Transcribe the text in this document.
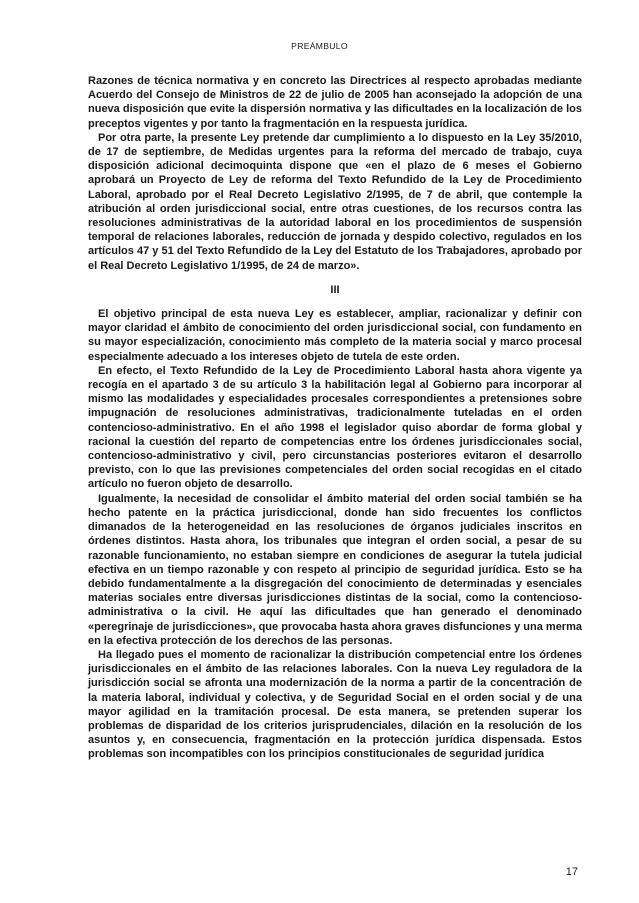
PREÁMBULO

Razones de técnica normativa y en concreto las Directrices al respecto aprobadas mediante Acuerdo del Consejo de Ministros de 22 de julio de 2005 han aconsejado la adopción de una nueva disposición que evite la dispersión normativa y las dificultades en la localización de los preceptos vigentes y por tanto la fragmentación en la respuesta jurídica.

Por otra parte, la presente Ley pretende dar cumplimiento a lo dispuesto en la Ley 35/2010, de 17 de septiembre, de Medidas urgentes para la reforma del mercado de trabajo, cuya disposición adicional decimoquinta dispone que «en el plazo de 6 meses el Gobierno aprobará un Proyecto de Ley de reforma del Texto Refundido de la Ley de Procedimiento Laboral, aprobado por el Real Decreto Legislativo 2/1995, de 7 de abril, que contemple la atribución al orden jurisdiccional social, entre otras cuestiones, de los recursos contra las resoluciones administrativas de la autoridad laboral en los procedimientos de suspensión temporal de relaciones laborales, reducción de jornada y despido colectivo, regulados en los artículos 47 y 51 del Texto Refundido de la Ley del Estatuto de los Trabajadores, aprobado por el Real Decreto Legislativo 1/1995, de 24 de marzo».

III

El objetivo principal de esta nueva Ley es establecer, ampliar, racionalizar y definir con mayor claridad el ámbito de conocimiento del orden jurisdiccional social, con fundamento en su mayor especialización, conocimiento más completo de la materia social y marco procesal especialmente adecuado a los intereses objeto de tutela de este orden.

En efecto, el Texto Refundido de la Ley de Procedimiento Laboral hasta ahora vigente ya recogía en el apartado 3 de su artículo 3 la habilitación legal al Gobierno para incorporar al mismo las modalidades y especialidades procesales correspondientes a pretensiones sobre impugnación de resoluciones administrativas, tradicionalmente tuteladas en el orden contencioso-administrativo. En el año 1998 el legislador quiso abordar de forma global y racional la cuestión del reparto de competencias entre los órdenes jurisdiccionales social, contencioso-administrativo y civil, pero circunstancias posteriores evitaron el desarrollo previsto, con lo que las previsiones competenciales del orden social recogidas en el citado artículo no fueron objeto de desarrollo.

Igualmente, la necesidad de consolidar el ámbito material del orden social también se ha hecho patente en la práctica jurisdiccional, donde han sido frecuentes los conflictos dimanados de la heterogeneidad en las resoluciones de órganos judiciales inscritos en órdenes distintos. Hasta ahora, los tribunales que integran el orden social, a pesar de su razonable funcionamiento, no estaban siempre en condiciones de asegurar la tutela judicial efectiva en un tiempo razonable y con respeto al principio de seguridad jurídica. Esto se ha debido fundamentalmente a la disgregación del conocimiento de determinadas y esenciales materias sociales entre diversas jurisdicciones distintas de la social, como la contencioso-administrativa o la civil. He aquí las dificultades que han generado el denominado «peregrinaje de jurisdicciones», que provocaba hasta ahora graves disfunciones y una merma en la efectiva protección de los derechos de las personas.

Ha llegado pues el momento de racionalizar la distribución competencial entre los órdenes jurisdiccionales en el ámbito de las relaciones laborales. Con la nueva Ley reguladora de la jurisdicción social se afronta una modernización de la norma a partir de la concentración de la materia laboral, individual y colectiva, y de Seguridad Social en el orden social y de una mayor agilidad en la tramitación procesal. De esta manera, se pretenden superar los problemas de disparidad de los criterios jurisprudenciales, dilación en la resolución de los asuntos y, en consecuencia, fragmentación en la protección jurídica dispensada. Estos problemas son incompatibles con los principios constitucionales de seguridad jurídica

17
